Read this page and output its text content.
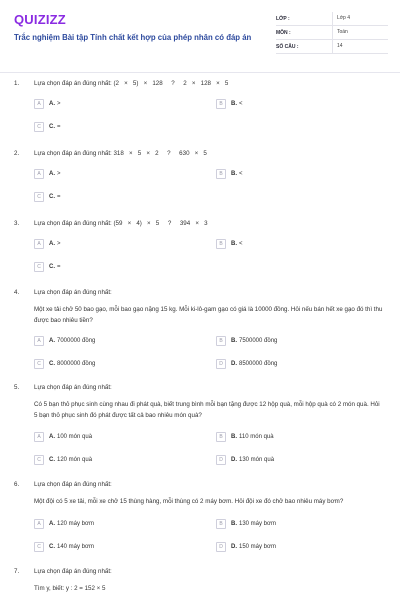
QUIZIZZ
Trắc nghiệm Bài tập Tính chất kết hợp của phép nhân có đáp án
LỚP :	Lớp 4
MÔN :	Toán
SỐ CÂU :	14
1. Lựa chọn đáp án đúng nhất: (2   ×   5)   ×   128     ?     2   ×   128   ×   5
A	A. >	B	B. <
C	C. =
2. Lựa chọn đáp án đúng nhất: 318   ×   5   ×   2     ?     630   ×   5
A	A. >	B	B. <
C	C. =
3. Lựa chọn đáp án đúng nhất: (59   ×   4)   ×   5     ?     394   ×   3
A	A. >	B	B. <
C	C. =
4. Lựa chọn đáp án đúng nhất:
Một xe tải chở 50 bao gạo, mỗi bao gạo nặng 15 kg. Mỗi ki-lô-gam gạo có giá là 10000 đồng. Hỏi nếu bán hết xe gạo đó thì thu được bao nhiêu tiền?
A	A. 7000000 đồng	B	B. 7500000 đồng
C	C. 8000000 đồng	D	D. 8500000 đồng
5. Lựa chọn đáp án đúng nhất:
Có 5 bạn thỏ phục sinh cùng nhau đi phát quà, biết trung bình mỗi bạn tặng được 12 hộp quà, mỗi hộp quà có 2 món quà. Hỏi 5 bạn thỏ phục sinh đó phát được tất cả bao nhiêu món quà?
A	A. 100 món quà	B	B. 110 món quà
C	C. 120 món quà	D	D. 130 món quà
6. Lựa chọn đáp án đúng nhất:
Một đội có 5 xe tải, mỗi xe chở 15 thùng hàng, mỗi thùng có 2 máy bơm. Hỏi đội xe đó chở bao nhiêu máy bơm?
A	A. 120 máy bơm	B	B. 130 máy bơm
C	C. 140 máy bơm	D	D. 150 máy bơm
7. Lựa chọn đáp án đúng nhất:
Tìm y, biết: y : 2 = 152 × 5
